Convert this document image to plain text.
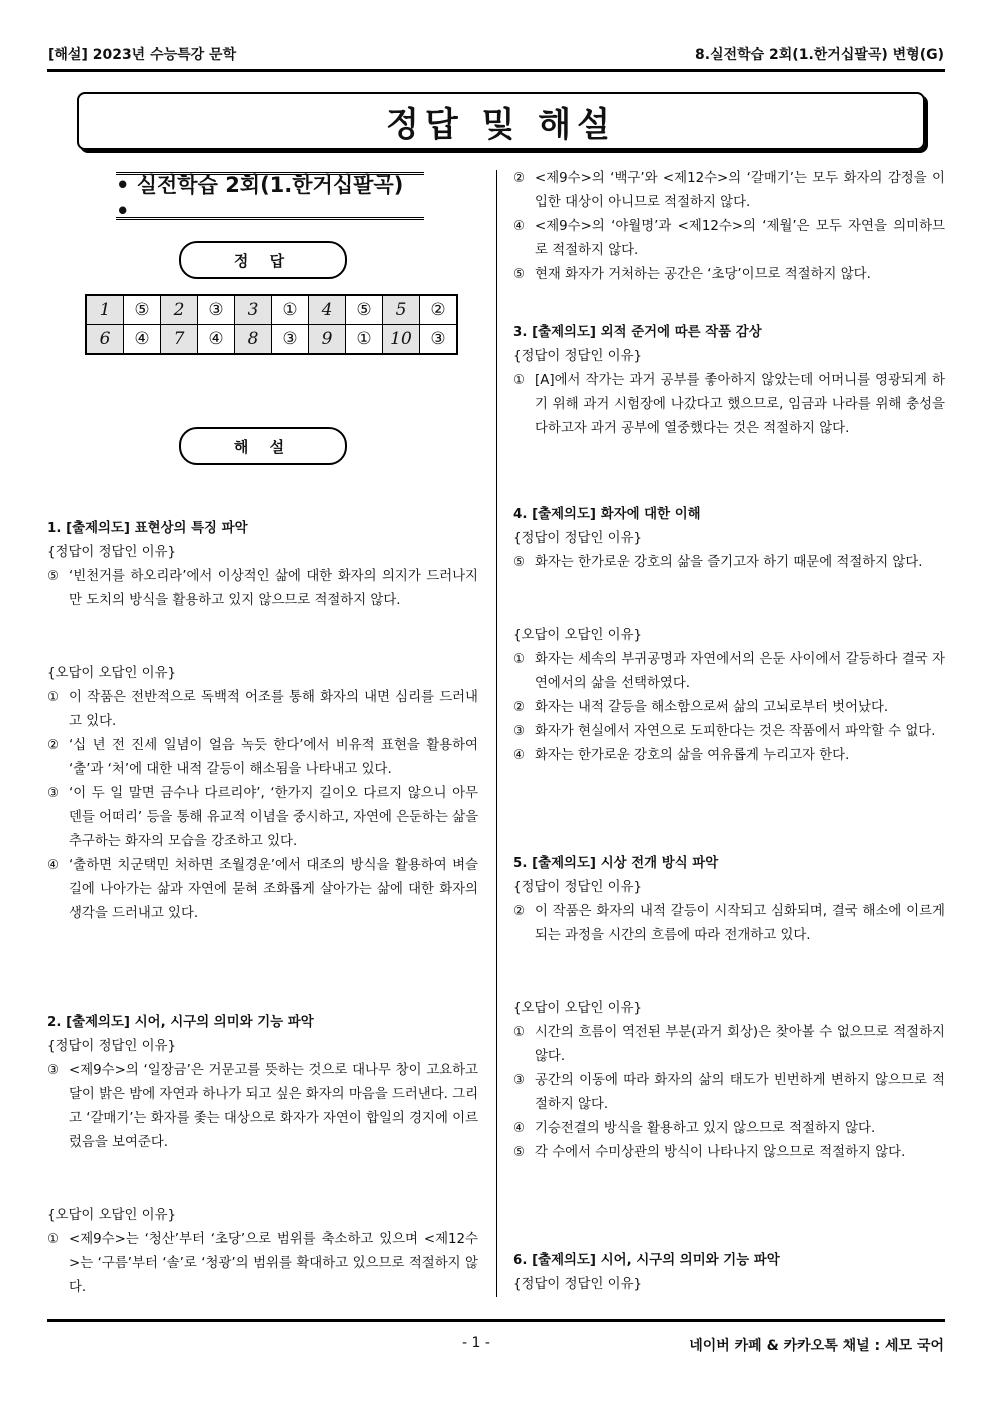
[해설] 2023년 수능특강 문학	8.실전학습 2회(1.한거십팔곡) 변형(G)
정답 및 해설
• 실전학습 2회(1.한거십팔곡) •
정 답
1	⑤	2	③	3	①	4	⑤	5	②
6	④	7	④	8	③	9	①	10	③
해 설

1. [출제의도] 표현상의 특징 파악

{정답이 정답인 이유}

⑤ ‘빈천거를 하오리라’에서 이상적인 삶에 대한 화자의 의지가 드러나지만 도치의 방식을 활용하고 있지 않으므로 적절하지 않다.

{오답이 오답인 이유}

① 이 작품은 전반적으로 독백적 어조를 통해 화자의 내면 심리를 드러내고 있다.
② ‘십 년 전 진세 일념이 얼음 녹듯 한다’에서 비유적 표현을 활용하여 ‘출’과 ‘처’에 대한 내적 갈등이 해소됨을 나타내고 있다.
③ ‘이 두 일 말면 금수나 다르리야’, ‘한가지 길이오 다르지 않으니 아무 덴들 어떠리’ 등을 통해 유교적 이념을 중시하고, 자연에 은둔하는 삶을 추구하는 화자의 모습을 강조하고 있다.
④ ‘출하면 치군택민 처하면 조월경운’에서 대조의 방식을 활용하여 벼슬길에 나아가는 삶과 자연에 묻혀 조화롭게 살아가는 삶에 대한 화자의 생각을 드러내고 있다.

2. [출제의도] 시어, 시구의 의미와 기능 파악

{정답이 정답인 이유}

③ <제9수>의 ‘일장금’은 거문고를 뜻하는 것으로 대나무 창이 고요하고 달이 밝은 밤에 자연과 하나가 되고 싶은 화자의 마음을 드러낸다. 그리고 ‘갈매기’는 화자를 좇는 대상으로 화자가 자연이 합일의 경지에 이르렀음을 보여준다.

{오답이 오답인 이유}

① <제9수>는 ‘청산’부터 ‘초당’으로 범위를 축소하고 있으며 <제12수>는 ‘구름’부터 ‘솔’로 ‘청광’의 범위를 확대하고 있으므로 적절하지 않다.
② <제9수>의 ‘백구’와 <제12수>의 ‘갈매기’는 모두 화자의 감정을 이입한 대상이 아니므로 적절하지 않다.
④ <제9수>의 ‘야월명’과 <제12수>의 ‘제월’은 모두 자연을 의미하므로 적절하지 않다.
⑤ 현재 화자가 거처하는 공간은 ‘초당’이므로 적절하지 않다.

3. [출제의도] 외적 준거에 따른 작품 감상

{정답이 정답인 이유}

① [A]에서 작가는 과거 공부를 좋아하지 않았는데 어머니를 영광되게 하기 위해 과거 시험장에 나갔다고 했으므로, 임금과 나라를 위해 충성을 다하고자 과거 공부에 열중했다는 것은 적절하지 않다.

4. [출제의도] 화자에 대한 이해

{정답이 정답인 이유}

⑤ 화자는 한가로운 강호의 삶을 즐기고자 하기 때문에 적절하지 않다.

{오답이 오답인 이유}

① 화자는 세속의 부귀공명과 자연에서의 은둔 사이에서 갈등하다 결국 자연에서의 삶을 선택하였다.
② 화자는 내적 갈등을 해소함으로써 삶의 고뇌로부터 벗어났다.
③ 화자가 현실에서 자연으로 도피한다는 것은 작품에서 파악할 수 없다.
④ 화자는 한가로운 강호의 삶을 여유롭게 누리고자 한다.

5. [출제의도] 시상 전개 방식 파악

{정답이 정답인 이유}

② 이 작품은 화자의 내적 갈등이 시작되고 심화되며, 결국 해소에 이르게 되는 과정을 시간의 흐름에 따라 전개하고 있다.

{오답이 오답인 이유}

① 시간의 흐름이 역전된 부분(과거 회상)은 찾아볼 수 없으므로 적절하지 않다.
③ 공간의 이동에 따라 화자의 삶의 태도가 빈번하게 변하지 않으므로 적절하지 않다.
④ 기승전결의 방식을 활용하고 있지 않으므로 적절하지 않다.
⑤ 각 수에서 수미상관의 방식이 나타나지 않으므로 적절하지 않다.

6. [출제의도] 시어, 시구의 의미와 기능 파악

{정답이 정답인 이유}

- 1 -	네이버 카페 & 카카오톡 채널 : 세모 국어
